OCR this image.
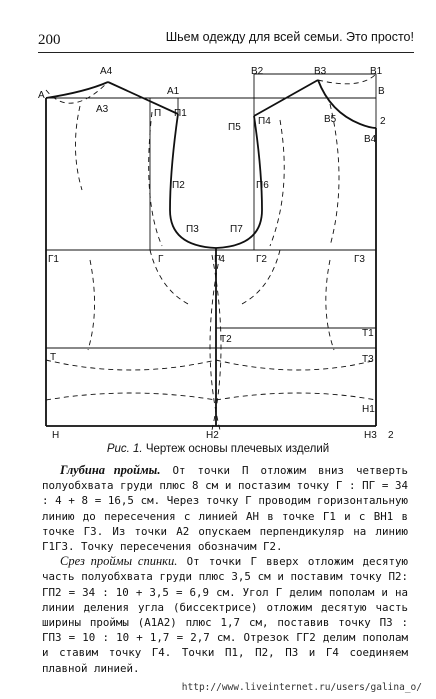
200	Шьем одежду для всей семьи. Это просто!
A
A4
A3
A1
B2	B3	B1
B
П П1
П5
П4	B5	2
B4
П2	П6
П3	П7
Г1	Г	Г4	Г2	Г3
Т2
Т1
Т	Т3
Н1
Н	Н2	Н3 2
Рис. 1. Чертеж основы плечевых изделий

Глубина проймы. От точки П отложим вниз четверть полуобхвата груди плюс 8 см и постазим точку Г : ПГ = 34 : 4 + 8 = 16,5 см. Через точку Г проводим горизонтальную линию до пересечения с линией АН в точке Г1 и с ВН1 в точке Г3. Из точки А2 опускаем перпендикуляр на линию Г1Г3. Точку пересечения обозначим Г2.

Срез проймы спинки. От точки Г вверх отложим десятую часть полуобхвата груди плюс 3,5 см и поставим точку П2: ГП2 = 34 : 10 + 3,5 = 6,9 см. Угол Г делим пополам и на линии деления угла (биссектрисе) отложим десятую часть ширины проймы (А1А2) плюс 1,7 см, поставив точку П3 : ГП3 = 10 : 10 + 1,7 = 2,7 см. Отрезок ГГ2 делим пополам и ставим точку Г4. Точки П1, П2, П3 и Г4 соединяем плавной линией.

http://www.liveinternet.ru/users/galina_o/
